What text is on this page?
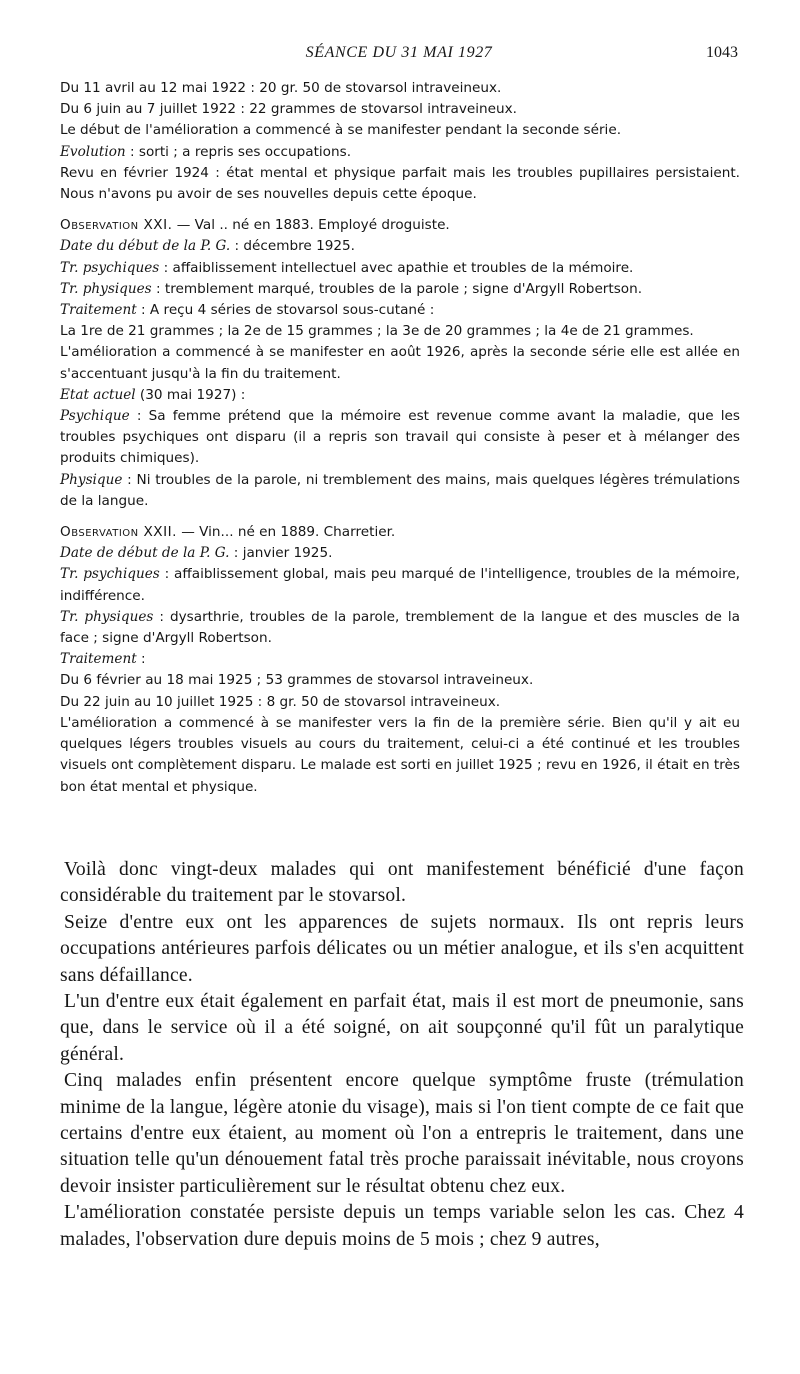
SÉANCE DU 31 MAI 1927	1043

Du 11 avril au 12 mai 1922 : 20 gr. 50 de stovarsol intraveineux.

Du 6 juin au 7 juillet 1922 : 22 grammes de stovarsol intraveineux.

Le début de l'amélioration a commencé à se manifester pendant la seconde série.

Evolution : sorti ; a repris ses occupations.

Revu en février 1924 : état mental et physique parfait mais les troubles pupillaires persistaient. Nous n'avons pu avoir de ses nouvelles depuis cette époque.

Observation XXI. — Val .. né en 1883. Employé droguiste.

Date du début de la P. G. : décembre 1925.

Tr. psychiques : affaiblissement intellectuel avec apathie et troubles de la mémoire.

Tr. physiques : tremblement marqué, troubles de la parole ; signe d'Argyll Robertson.

Traitement : A reçu 4 séries de stovarsol sous-cutané :

La 1re de 21 grammes ; la 2e de 15 grammes ; la 3e de 20 grammes ; la 4e de 21 grammes.

L'amélioration a commencé à se manifester en août 1926, après la seconde série elle est allée en s'accentuant jusqu'à la fin du traitement.

Etat actuel (30 mai 1927) :

Psychique : Sa femme prétend que la mémoire est revenue comme avant la maladie, que les troubles psychiques ont disparu (il a repris son travail qui consiste à peser et à mélanger des produits chimiques).

Physique : Ni troubles de la parole, ni tremblement des mains, mais quelques légères trémulations de la langue.

Observation XXII. — Vin... né en 1889. Charretier.

Date de début de la P. G. : janvier 1925.

Tr. psychiques : affaiblissement global, mais peu marqué de l'intelligence, troubles de la mémoire, indifférence.

Tr. physiques : dysarthrie, troubles de la parole, tremblement de la langue et des muscles de la face ; signe d'Argyll Robertson.

Traitement :

Du 6 février au 18 mai 1925 ; 53 grammes de stovarsol intraveineux.

Du 22 juin au 10 juillet 1925 : 8 gr. 50 de stovarsol intraveineux.

L'amélioration a commencé à se manifester vers la fin de la première série. Bien qu'il y ait eu quelques légers troubles visuels au cours du traitement, celui-ci a été continué et les troubles visuels ont complètement disparu. Le malade est sorti en juillet 1925 ; revu en 1926, il était en très bon état mental et physique.

Voilà donc vingt-deux malades qui ont manifestement bénéficié d'une façon considérable du traitement par le stovarsol.

Seize d'entre eux ont les apparences de sujets normaux. Ils ont repris leurs occupations antérieures parfois délicates ou un métier analogue, et ils s'en acquittent sans défaillance.

L'un d'entre eux était également en parfait état, mais il est mort de pneumonie, sans que, dans le service où il a été soigné, on ait soupçonné qu'il fût un paralytique général.

Cinq malades enfin présentent encore quelque symptôme fruste (trémulation minime de la langue, légère atonie du visage), mais si l'on tient compte de ce fait que certains d'entre eux étaient, au moment où l'on a entrepris le traitement, dans une situation telle qu'un dénouement fatal très proche paraissait inévitable, nous croyons devoir insister particulièrement sur le résultat obtenu chez eux.

L'amélioration constatée persiste depuis un temps variable selon les cas. Chez 4 malades, l'observation dure depuis moins de 5 mois ; chez 9 autres,
